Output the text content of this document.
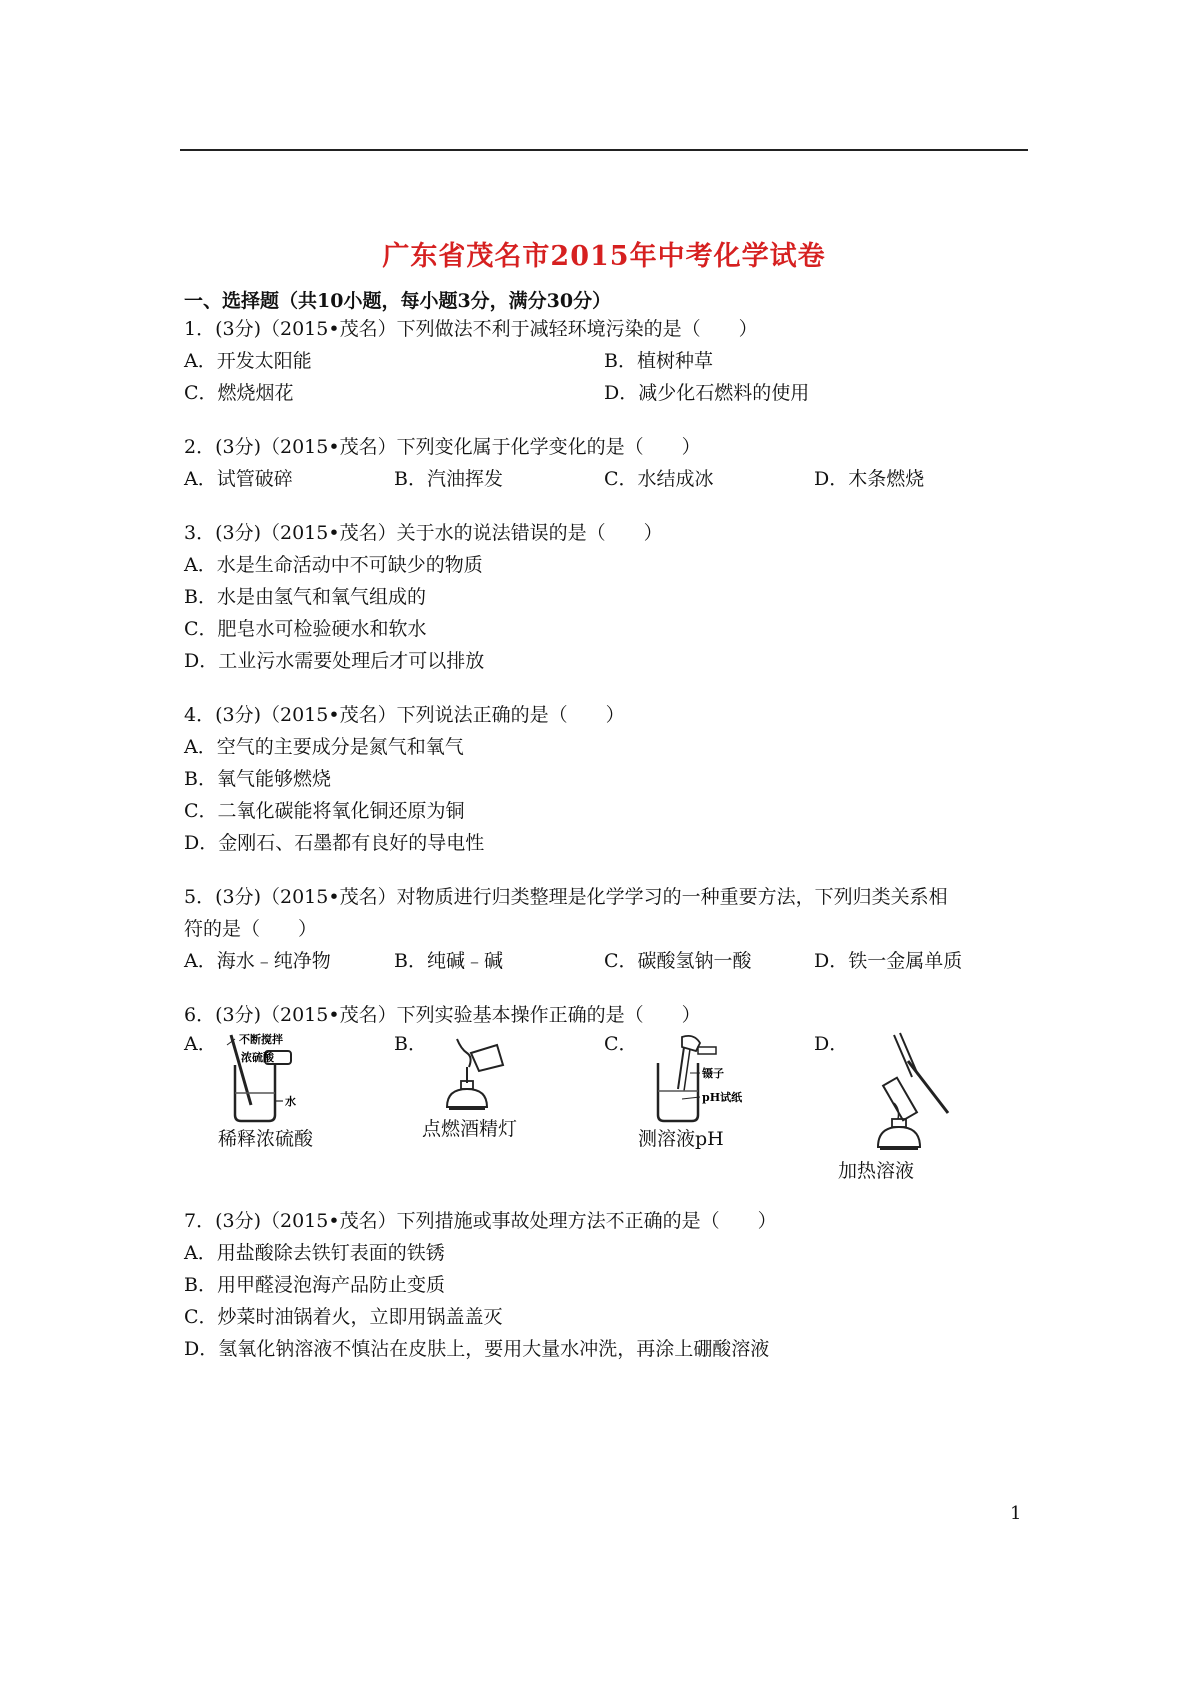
广东省茂名市2015年中考化学试卷
一、选择题（共10小题，每小题3分，满分30分）
1．(3分)（2015•茂名）下列做法不利于减轻环境污染的是（　　）
A．开发太阳能	B．植树种草
C．燃烧烟花	D．减少化石燃料的使用
2．(3分)（2015•茂名）下列变化属于化学变化的是（　　）
A．试管破碎	B．汽油挥发	C．水结成冰	D．木条燃烧
3．(3分)（2015•茂名）关于水的说法错误的是（　　）
A．水是生命活动中不可缺少的物质
B．水是由氢气和氧气组成的
C．肥皂水可检验硬水和软水
D．工业污水需要处理后才可以排放
4．(3分)（2015•茂名）下列说法正确的是（　　）
A．空气的主要成分是氮气和氧气
B．氧气能够燃烧
C．二氧化碳能将氧化铜还原为铜
D．金刚石、石墨都有良好的导电性
5．(3分)（2015•茂名）对物质进行归类整理是化学学习的一种重要方法，下列归类关系相
符的是（　　）
A．海水﹣纯净物	B．纯碱﹣碱	C．碳酸氢钠一酸	D．铁一金属单质
6．(3分)（2015•茂名）下列实验基本操作正确的是（　　）
A． 不断搅拌
浓硫酸
水
稀释浓硫酸
B．
点燃酒精灯
C．
镊子
pH试纸
测溶液pH
D．
加热溶液
7．(3分)（2015•茂名）下列措施或事故处理方法不正确的是（　　）
A．用盐酸除去铁钉表面的铁锈
B．用甲醛浸泡海产品防止变质
C．炒菜时油锅着火，立即用锅盖盖灭
D．氢氧化钠溶液不慎沾在皮肤上，要用大量水冲洗，再涂上硼酸溶液
1
